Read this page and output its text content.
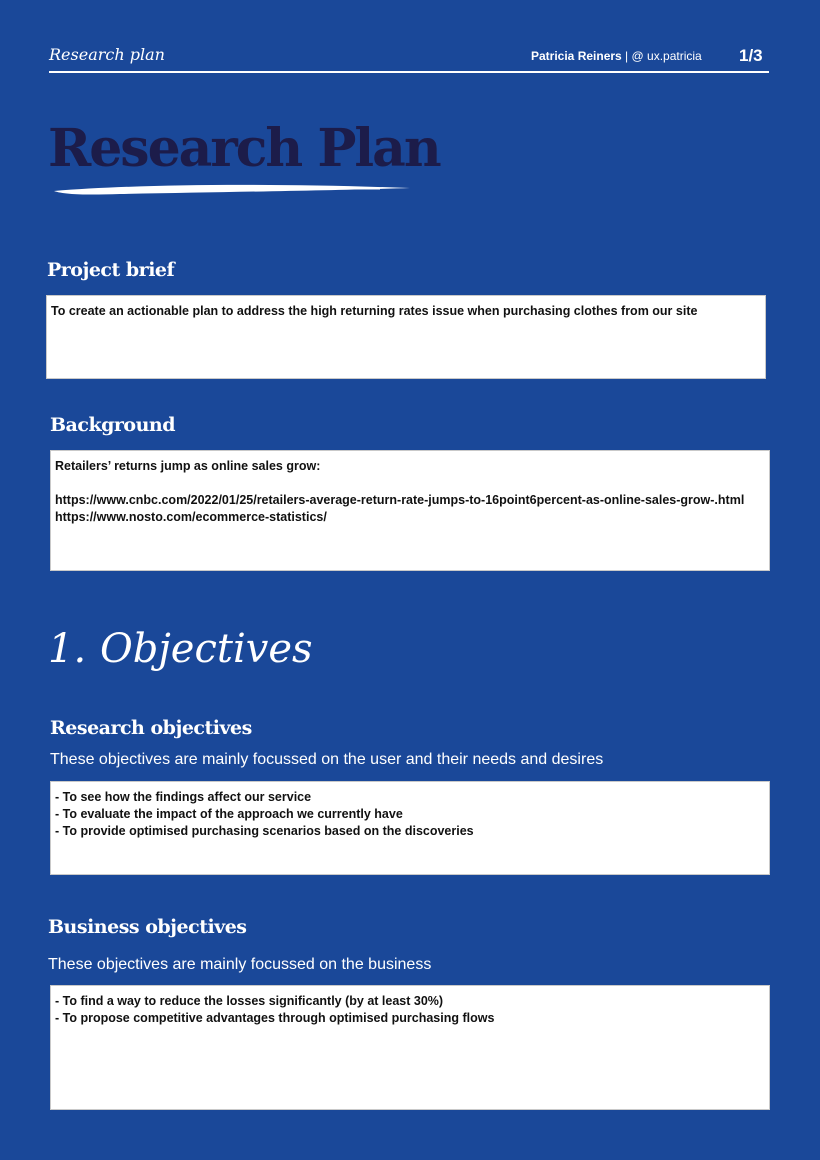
Research plan	Patricia Reiners | @ ux.patricia 1/3
Research Plan
Project brief

To create an actionable plan to address the high returning rates issue when purchasing clothes from our site

Background

Retailers’ returns jump as online sales grow:

https://www.cnbc.com/2022/01/25/retailers-average-return-rate-jumps-to-16point6percent-as-online-sales-grow-.html

https://www.nosto.com/ecommerce-statistics/

1. Objectives
Research objectives
These objectives are mainly focussed on the user and their needs and desires

- To see how the findings affect our service

- To evaluate the impact of the approach we currently have

- To provide optimised purchasing scenarios based on the discoveries

Business objectives
These objectives are mainly focussed on the business

- To find a way to reduce the losses significantly (by at least 30%)

- To propose competitive advantages through optimised purchasing flows
